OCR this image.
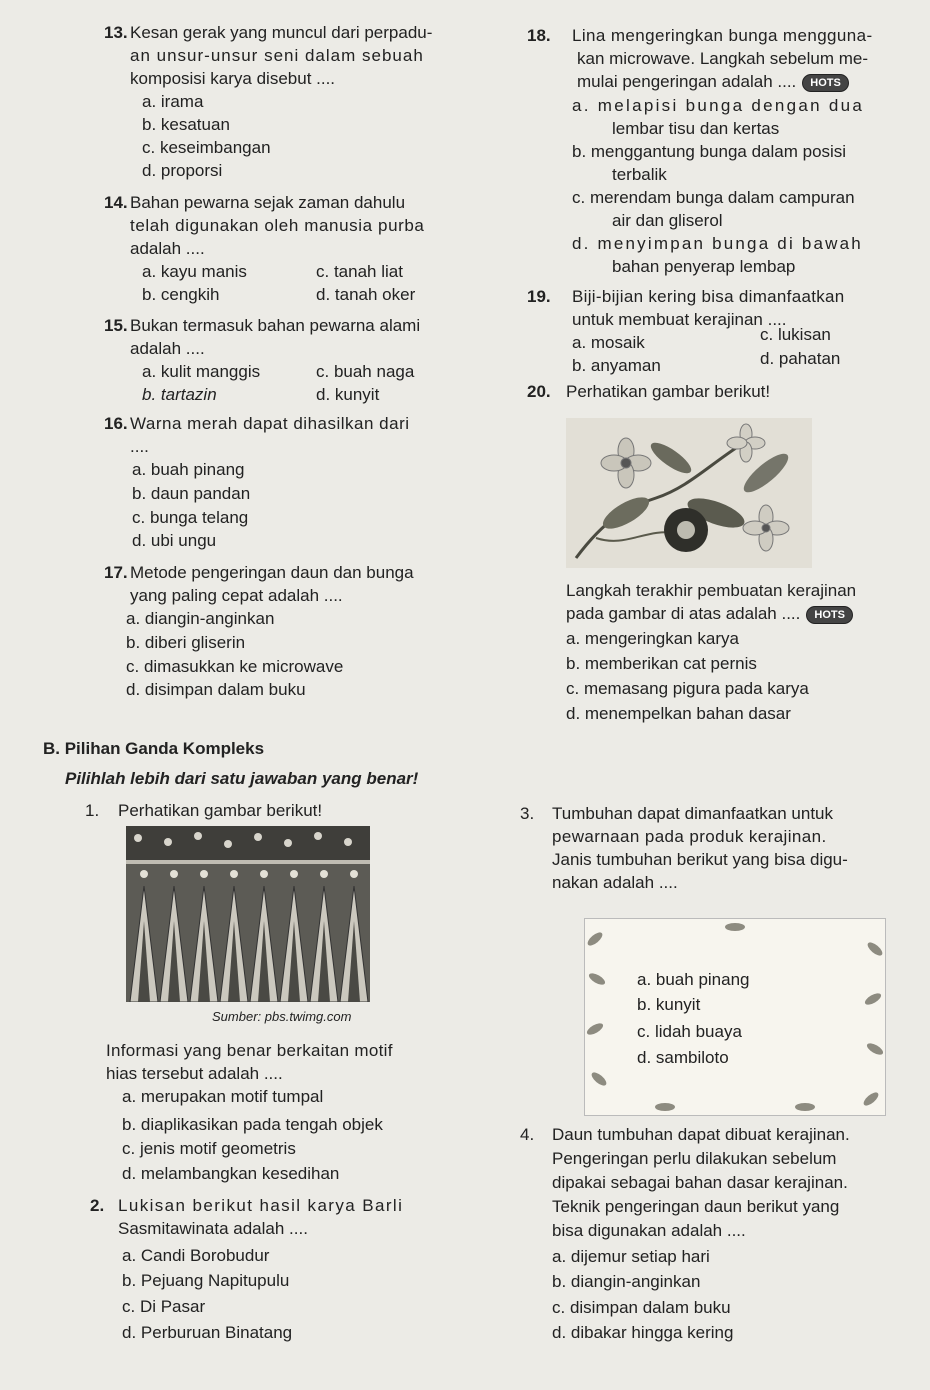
13. Kesan gerak yang muncul dari perpadu-
an unsur-unsur seni dalam sebuah
komposisi karya disebut ....
a. irama
b. kesatuan
c. keseimbangan
d. proporsi
14. Bahan pewarna sejak zaman dahulu
telah digunakan oleh manusia purba
adalah ....
a. kayu manis	c. tanah liat
b. cengkih	d. tanah oker
15. Bukan termasuk bahan pewarna alami
adalah ....
a. kulit manggis	c. buah naga
b. tartazin	d. kunyit
16. Warna merah dapat dihasilkan dari
....
a. buah pinang
b. daun pandan
c. bunga telang
d. ubi ungu
17. Metode pengeringan daun dan bunga
yang paling cepat adalah ....
a. diangin-anginkan
b. diberi gliserin
c. dimasukkan ke microwave
d. disimpan dalam buku
18. Lina mengeringkan bunga mengguna-
kan microwave. Langkah sebelum me-
mulai pengeringan adalah .... HOTS
a. melapisi bunga dengan dua
lembar tisu dan kertas
b. menggantung bunga dalam posisi
terbalik
c. merendam bunga dalam campuran
air dan gliserol
d. menyimpan bunga di bawah
bahan penyerap lembap
19. Biji-bijian kering bisa dimanfaatkan
untuk membuat kerajinan ....
a. mosaik	c. lukisan
b. anyaman	d. pahatan
20. Perhatikan gambar berikut!
Langkah terakhir pembuatan kerajinan
pada gambar di atas adalah .... HOTS
a. mengeringkan karya
b. memberikan cat pernis
c. memasang pigura pada karya
d. menempelkan bahan dasar
B. Pilihan Ganda Kompleks
Pilihlah lebih dari satu jawaban yang benar!
1. Perhatikan gambar berikut!
Sumber: pbs.twimg.com
Informasi yang benar berkaitan motif
hias tersebut adalah ....
a. merupakan motif tumpal
b. diaplikasikan pada tengah objek
c. jenis motif geometris
d. melambangkan kesedihan
2. Lukisan berikut hasil karya Barli
Sasmitawinata adalah ....
a. Candi Borobudur
b. Pejuang Napitupulu
c. Di Pasar
d. Perburuan Binatang
3. Tumbuhan dapat dimanfaatkan untuk
pewarnaan pada produk kerajinan.
Janis tumbuhan berikut yang bisa digu-
nakan adalah ....
a. buah pinang
b. kunyit
c. lidah buaya
d. sambiloto
4. Daun tumbuhan dapat dibuat kerajinan.
Pengeringan perlu dilakukan sebelum
dipakai sebagai bahan dasar kerajinan.
Teknik pengeringan daun berikut yang
bisa digunakan adalah ....
a. dijemur setiap hari
b. diangin-anginkan
c. disimpan dalam buku
d. dibakar hingga kering
